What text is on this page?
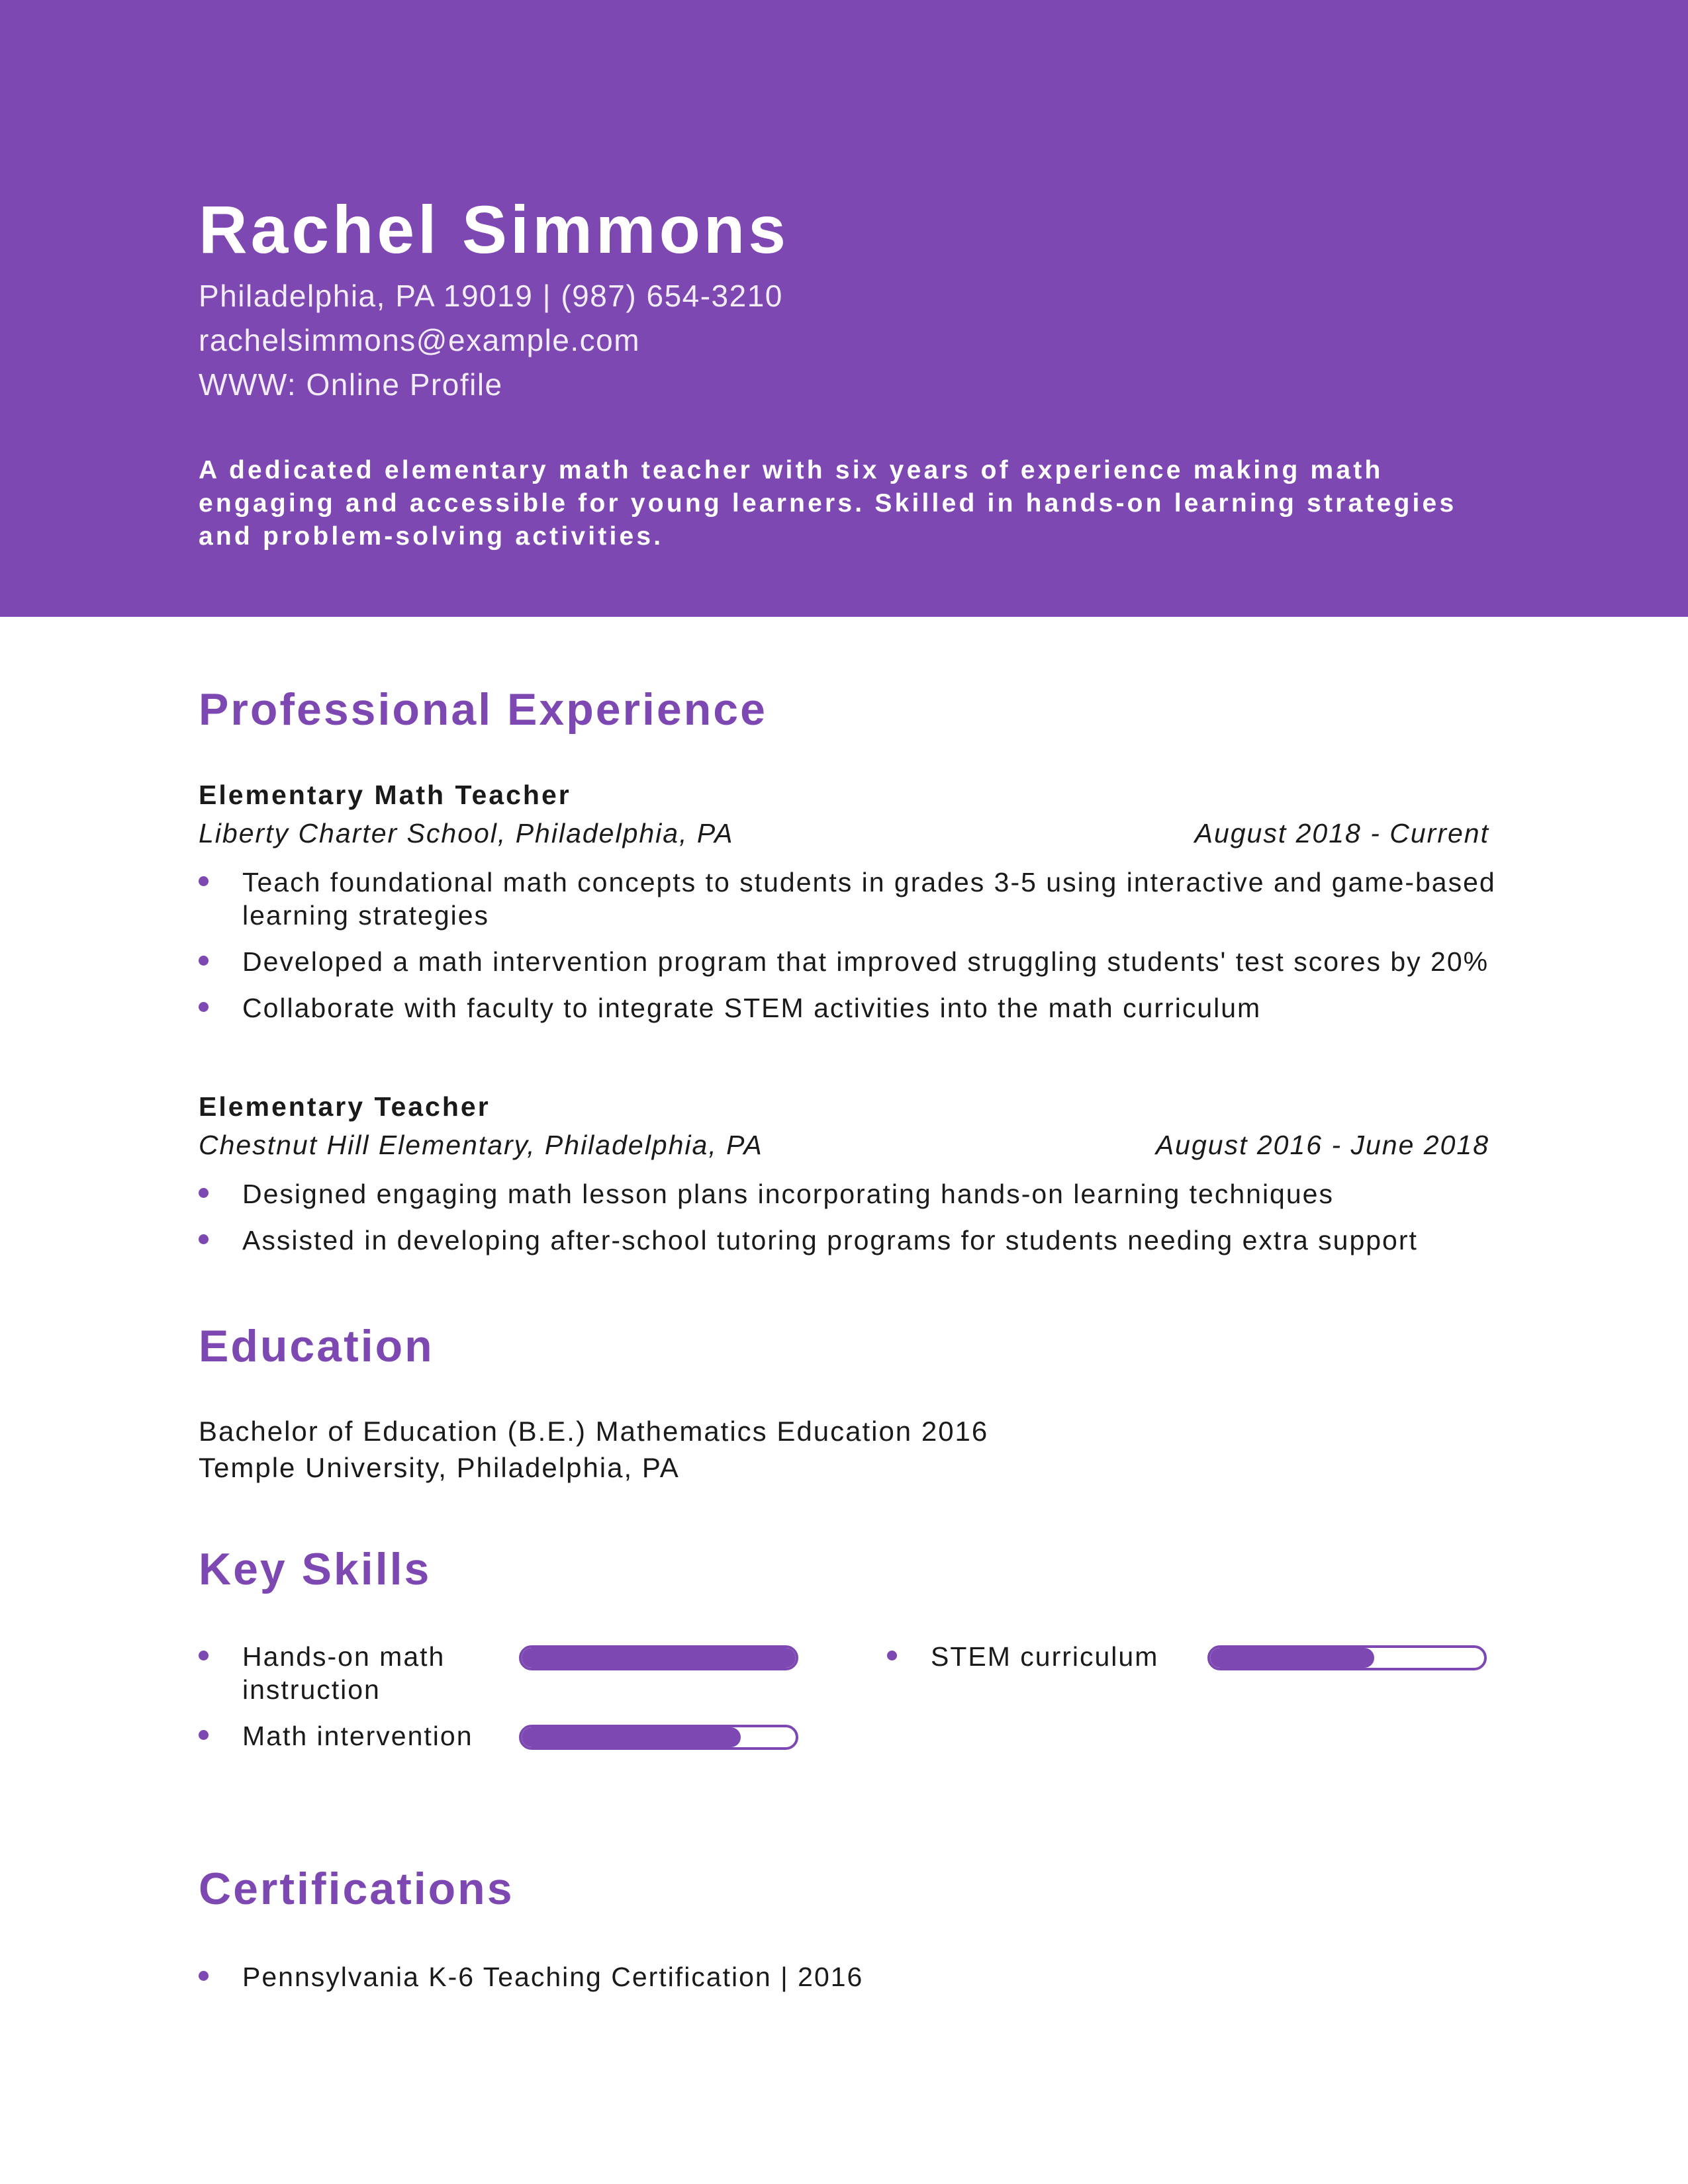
Rachel Simmons
Philadelphia, PA 19019 | (987) 654-3210
rachelsimmons@example.com
WWW: Online Profile

A dedicated elementary math teacher with six years of experience making math engaging and accessible for young learners. Skilled in hands-on learning strategies and problem-solving activities.

Professional Experience
Elementary Math Teacher
Liberty Charter School, Philadelphia, PA	August 2018 - Current
Teach foundational math concepts to students in grades 3-5 using interactive and game-based learning strategies
Developed a math intervention program that improved struggling students' test scores by 20%
Collaborate with faculty to integrate STEM activities into the math curriculum
Elementary Teacher
Chestnut Hill Elementary, Philadelphia, PA	August 2016 - June 2018
Designed engaging math lesson plans incorporating hands-on learning techniques
Assisted in developing after-school tutoring programs for students needing extra support
Education
Bachelor of Education (B.E.) Mathematics Education 2016
Temple University, Philadelphia, PA
Key Skills
Hands-on math instruction
STEM curriculum
Math intervention
Certifications
Pennsylvania K-6 Teaching Certification | 2016
